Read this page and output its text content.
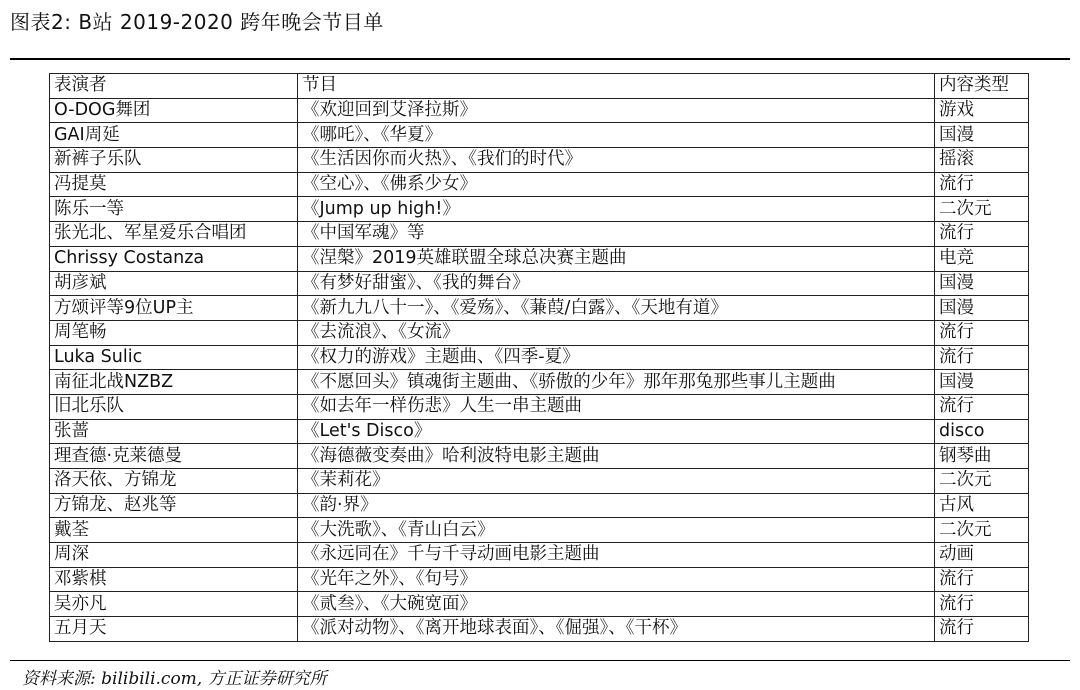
图表2: B站 2019-2020 跨年晚会节目单
表演者	节目	内容类型
O-DOG舞团	《欢迎回到艾泽拉斯》	游戏
GAI周延	《哪吒》、《华夏》	国漫
新裤子乐队	《生活因你而火热》、《我们的时代》	摇滚
冯提莫	《空心》、《佛系少女》	流行
陈乐一等	《Jump up high!》	二次元
张光北、军星爱乐合唱团	《中国军魂》等	流行
Chrissy Costanza	《涅槃》2019英雄联盟全球总决赛主题曲	电竞
胡彦斌	《有梦好甜蜜》、《我的舞台》	国漫
方颂评等9位UP主	《新九九八十一》、《爱殇》、《蒹葭/白露》、《天地有道》	国漫
周笔畅	《去流浪》、《女流》	流行
Luka Sulic	《权力的游戏》主题曲、《四季-夏》	流行
南征北战NZBZ	《不愿回头》镇魂街主题曲、《骄傲的少年》那年那兔那些事儿主题曲	国漫
旧北乐队	《如去年一样伤悲》人生一串主题曲	流行
张蔷	《Let's Disco》	disco
理查德·克莱德曼	《海德薇变奏曲》哈利波特电影主题曲	钢琴曲
洛天依、方锦龙	《茉莉花》	二次元
方锦龙、赵兆等	《韵·界》	古风
戴荃	《大洗歌》、《青山白云》	二次元
周深	《永远同在》千与千寻动画电影主题曲	动画
邓紫棋	《光年之外》、《句号》	流行
吴亦凡	《贰叁》、《大碗宽面》	流行
五月天	《派对动物》、《离开地球表面》、《倔强》、《干杯》	流行
资料来源: bilibili.com, 方正证券研究所
